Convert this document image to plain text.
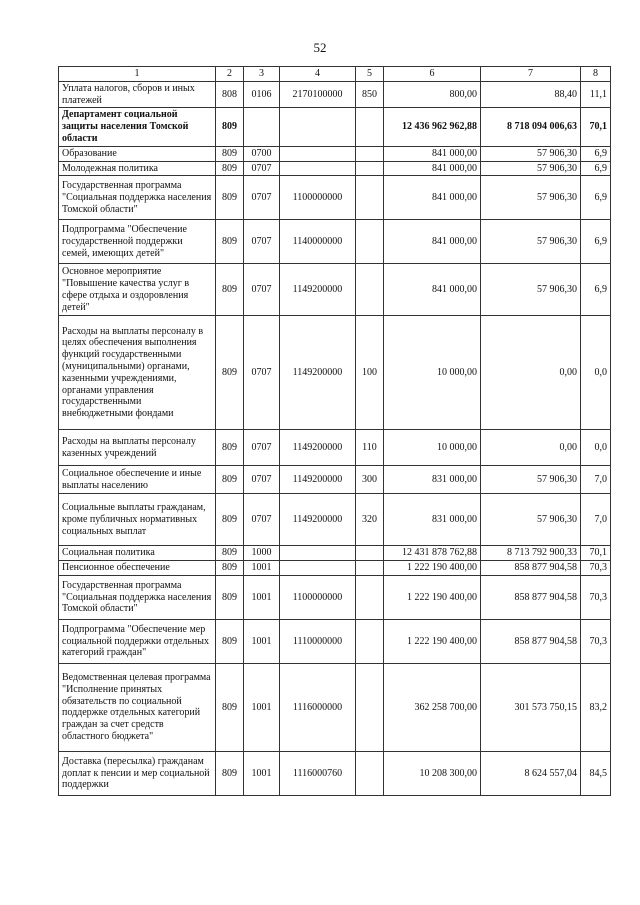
52
1	2	3	4	5	6	7	8
Уплата налогов, сборов и иных платежей	808	0106	2170100000	850	800,00	88,40	11,1
Департамент социальной защиты населения Томской области	809				12 436 962 962,88	8 718 094 006,63	70,1
Образование	809	0700			841 000,00	57 906,30	6,9
Молодежная политика	809	0707			841 000,00	57 906,30	6,9
Государственная программа "Социальная поддержка населения Томской области"	809	0707	1100000000		841 000,00	57 906,30	6,9
Подпрограмма "Обеспечение государственной поддержки семей, имеющих детей"	809	0707	1140000000		841 000,00	57 906,30	6,9
Основное мероприятие "Повышение качества услуг в сфере отдыха и оздоровления детей"	809	0707	1149200000		841 000,00	57 906,30	6,9
Расходы на выплаты персоналу в целях обеспечения выполнения функций государственными (муниципальными) органами, казенными учреждениями, органами управления государственными внебюджетными фондами	809	0707	1149200000	100	10 000,00	0,00	0,0
Расходы на выплаты персоналу казенных учреждений	809	0707	1149200000	110	10 000,00	0,00	0,0
Социальное обеспечение и иные выплаты населению	809	0707	1149200000	300	831 000,00	57 906,30	7,0
Социальные выплаты гражданам, кроме публичных нормативных социальных выплат	809	0707	1149200000	320	831 000,00	57 906,30	7,0
Социальная политика	809	1000			12 431 878 762,88	8 713 792 900,33	70,1
Пенсионное обеспечение	809	1001			1 222 190 400,00	858 877 904,58	70,3
Государственная программа "Социальная поддержка населения Томской области"	809	1001	1100000000		1 222 190 400,00	858 877 904,58	70,3
Подпрограмма "Обеспечение мер социальной поддержки отдельных категорий граждан"	809	1001	1110000000		1 222 190 400,00	858 877 904,58	70,3
Ведомственная целевая программа "Исполнение принятых обязательств по социальной поддержке отдельных категорий граждан за счет средств областного бюджета"	809	1001	1116000000		362 258 700,00	301 573 750,15	83,2
Доставка (пересылка) гражданам доплат к пенсии и мер социальной поддержки	809	1001	1116000760		10 208 300,00	8 624 557,04	84,5
